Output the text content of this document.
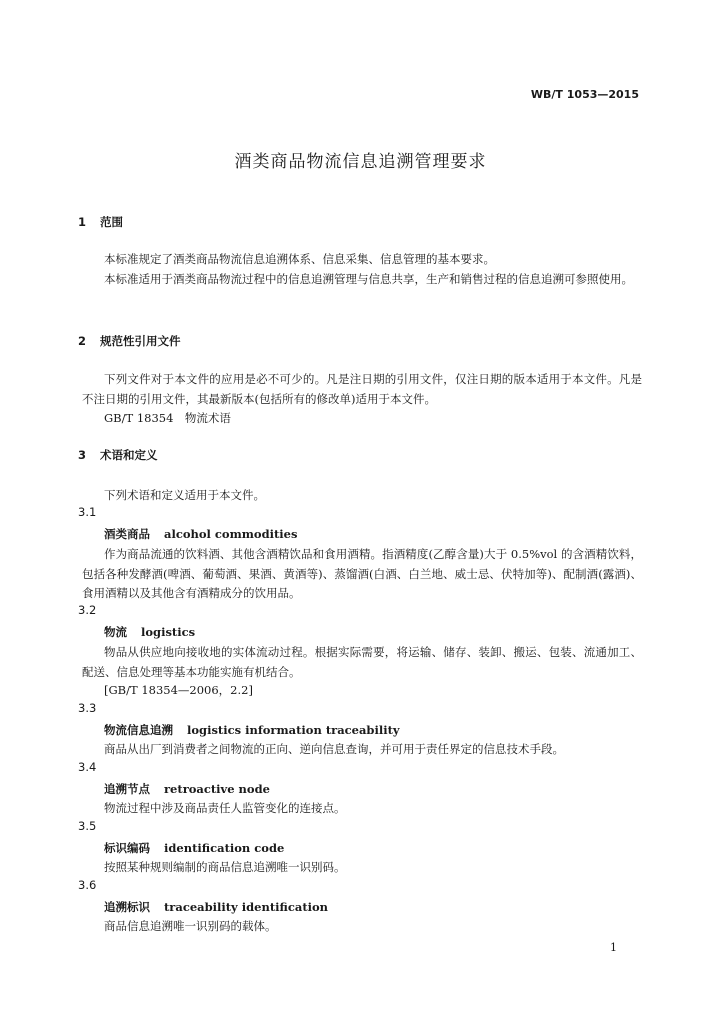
WB/T 1053—2015
酒类商品物流信息追溯管理要求
1 范围
本标准规定了酒类商品物流信息追溯体系、信息采集、信息管理的基本要求。
本标准适用于酒类商品物流过程中的信息追溯管理与信息共享，生产和销售过程的信息追溯可参照使用。
2 规范性引用文件
下列文件对于本文件的应用是必不可少的。凡是注日期的引用文件，仅注日期的版本适用于本文件。凡是不注日期的引用文件，其最新版本(包括所有的修改单)适用于本文件。
GB/T 18354　物流术语
3 术语和定义
下列术语和定义适用于本文件。
3.1
酒类商品 alcohol commodities
作为商品流通的饮料酒、其他含酒精饮品和食用酒精。指酒精度(乙醇含量)大于 0.5%vol 的含酒精饮料，包括各种发酵酒(啤酒、葡萄酒、果酒、黄酒等)、蒸馏酒(白酒、白兰地、威士忌、伏特加等)、配制酒(露酒)、食用酒精以及其他含有酒精成分的饮用品。
3.2
物流 logistics
物品从供应地向接收地的实体流动过程。根据实际需要，将运输、储存、装卸、搬运、包装、流通加工、配送、信息处理等基本功能实施有机结合。
[GB/T 18354—2006，2.2]
3.3
物流信息追溯 logistics information traceability
商品从出厂到消费者之间物流的正向、逆向信息查询，并可用于责任界定的信息技术手段。
3.4
追溯节点 retroactive node
物流过程中涉及商品责任人监管变化的连接点。
3.5
标识编码 identification code
按照某种规则编制的商品信息追溯唯一识别码。
3.6
追溯标识 traceability identification
商品信息追溯唯一识别码的载体。
1
